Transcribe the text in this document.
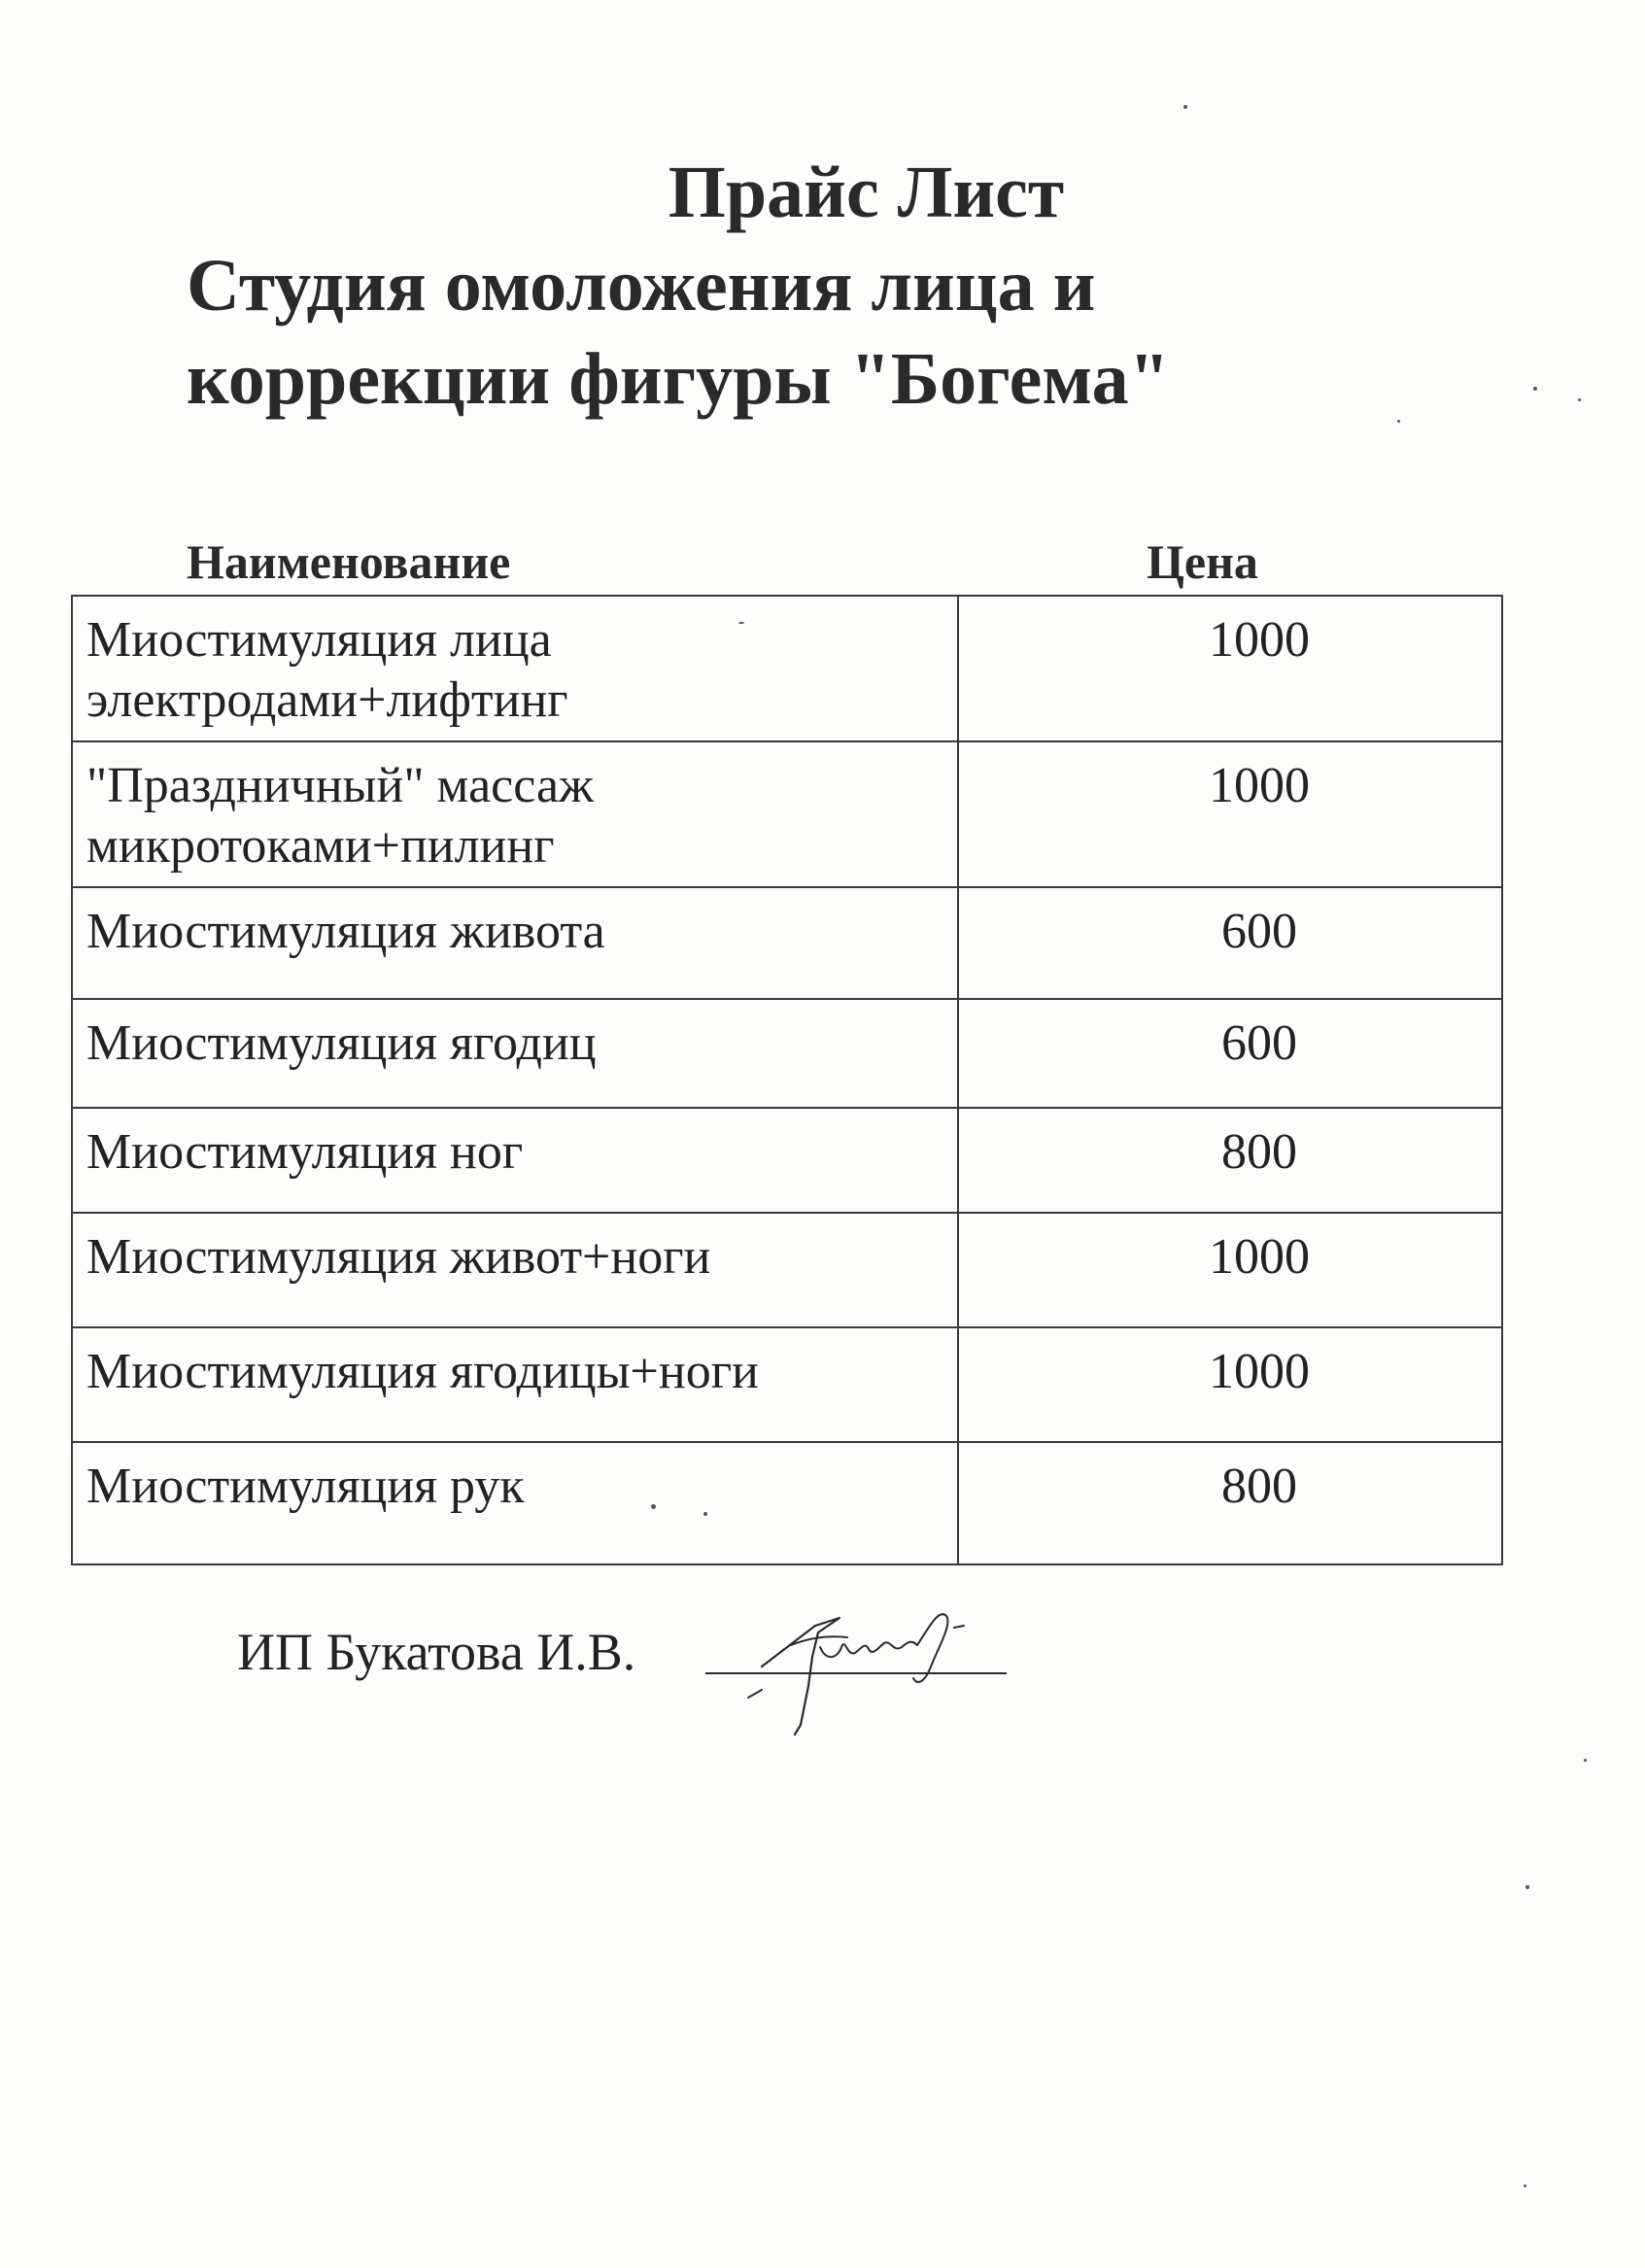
Прайс Лист
Студия омоложения лица и
коррекции фигуры "Богема"
Наименование	Цена
Миостимуляция лица
электродами+лифтинг	1000

"Праздничный" массаж
микротоками+пилинг	1000

Миостимуляция живота	600

Миостимуляция ягодиц	600

Миостимуляция ног	800

Миостимуляция живот+ноги	1000

Миостимуляция ягодицы+ноги	1000

Миостимуляция рук	800
ИП Букатова И.В.
